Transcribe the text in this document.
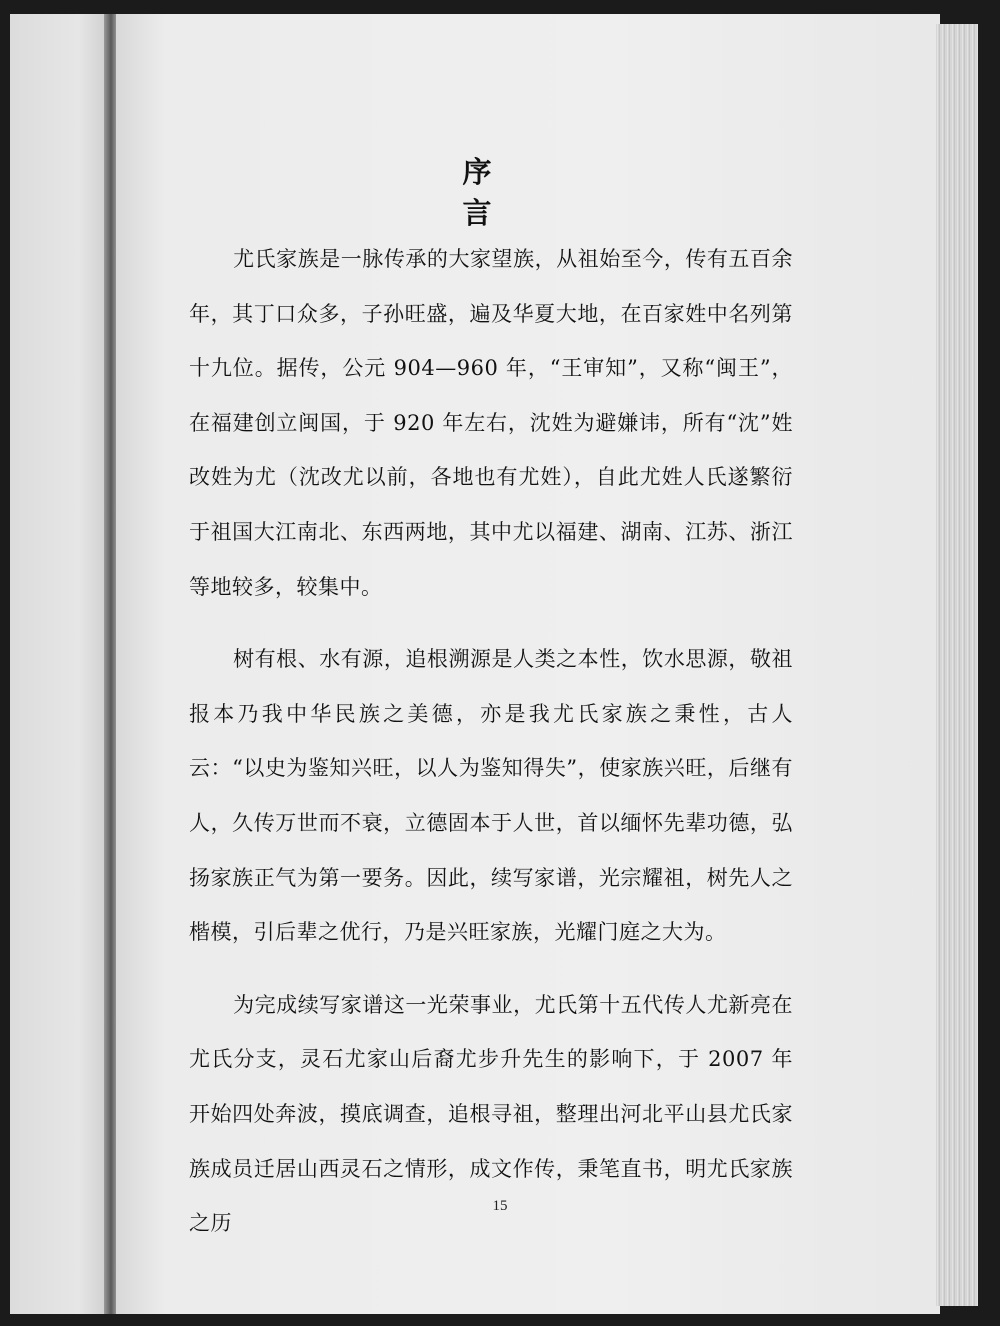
序　言

尤氏家族是一脉传承的大家望族，从祖始至今，传有五百余年，其丁口众多，子孙旺盛，遍及华夏大地，在百家姓中名列第十九位。据传，公元 904—960 年，“王审知”，又称“闽王”，在福建创立闽国，于 920 年左右，沈姓为避嫌讳，所有“沈”姓改姓为尤（沈改尤以前，各地也有尤姓），自此尤姓人氏遂繁衍于祖国大江南北、东西两地，其中尤以福建、湖南、江苏、浙江等地较多，较集中。

树有根、水有源，追根溯源是人类之本性，饮水思源，敬祖报本乃我中华民族之美德，亦是我尤氏家族之秉性，古人云：“以史为鉴知兴旺，以人为鉴知得失”，使家族兴旺，后继有人，久传万世而不衰，立德固本于人世，首以缅怀先辈功德，弘扬家族正气为第一要务。因此，续写家谱，光宗耀祖，树先人之楷模，引后辈之优行，乃是兴旺家族，光耀门庭之大为。

为完成续写家谱这一光荣事业，尤氏第十五代传人尤新亮在尤氏分支，灵石尤家山后裔尤步升先生的影响下，于 2007 年开始四处奔波，摸底调查，追根寻祖，整理出河北平山县尤氏家族成员迁居山西灵石之情形，成文作传，秉笔直书，明尤氏家族之历

15
